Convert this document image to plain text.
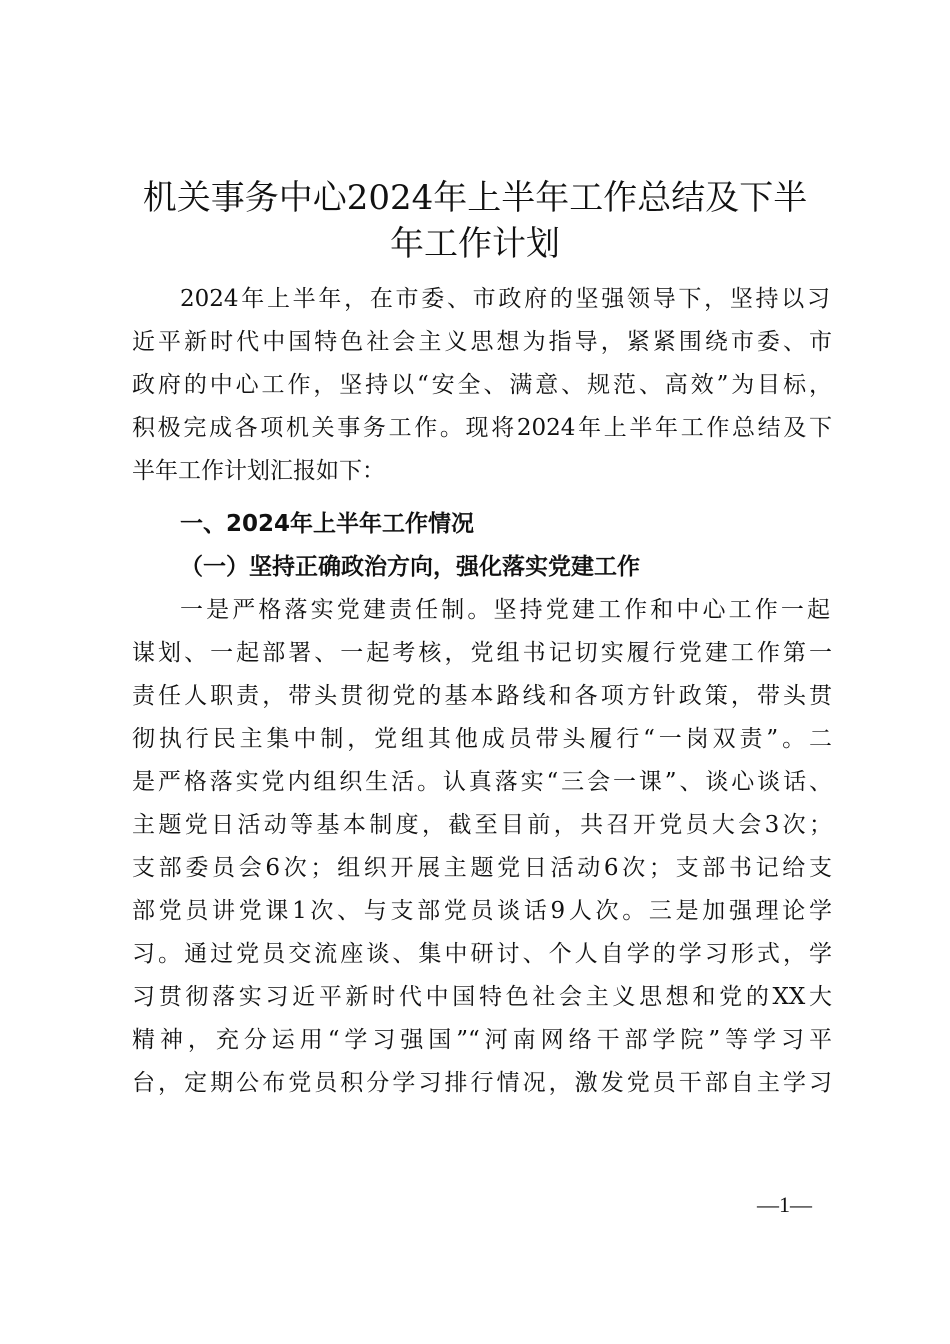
机关事务中心2024年上半年工作总结及下半
年工作计划

2024年上半年，在市委、市政府的坚强领导下，坚持以习

近平新时代中国特色社会主义思想为指导，紧紧围绕市委、市

政府的中心工作，坚持以“安全、满意、规范、高效”为目标，

积极完成各项机关事务工作。现将2024年上半年工作总结及下

半年工作计划汇报如下：

一、2024年上半年工作情况
（一）坚持正确政治方向，强化落实党建工作

一是严格落实党建责任制。坚持党建工作和中心工作一起

谋划、一起部署、一起考核，党组书记切实履行党建工作第一

责任人职责，带头贯彻党的基本路线和各项方针政策，带头贯

彻执行民主集中制，党组其他成员带头履行“一岗双责”。二

是严格落实党内组织生活。认真落实“三会一课”、谈心谈话、

主题党日活动等基本制度，截至目前，共召开党员大会3次；

支部委员会6次；组织开展主题党日活动6次；支部书记给支

部党员讲党课1次、与支部党员谈话9人次。三是加强理论学

习。通过党员交流座谈、集中研讨、个人自学的学习形式，学

习贯彻落实习近平新时代中国特色社会主义思想和党的XX大

精神，充分运用“学习强国”“河南网络干部学院”等学习平

台，定期公布党员积分学习排行情况，激发党员干部自主学习

—1—
